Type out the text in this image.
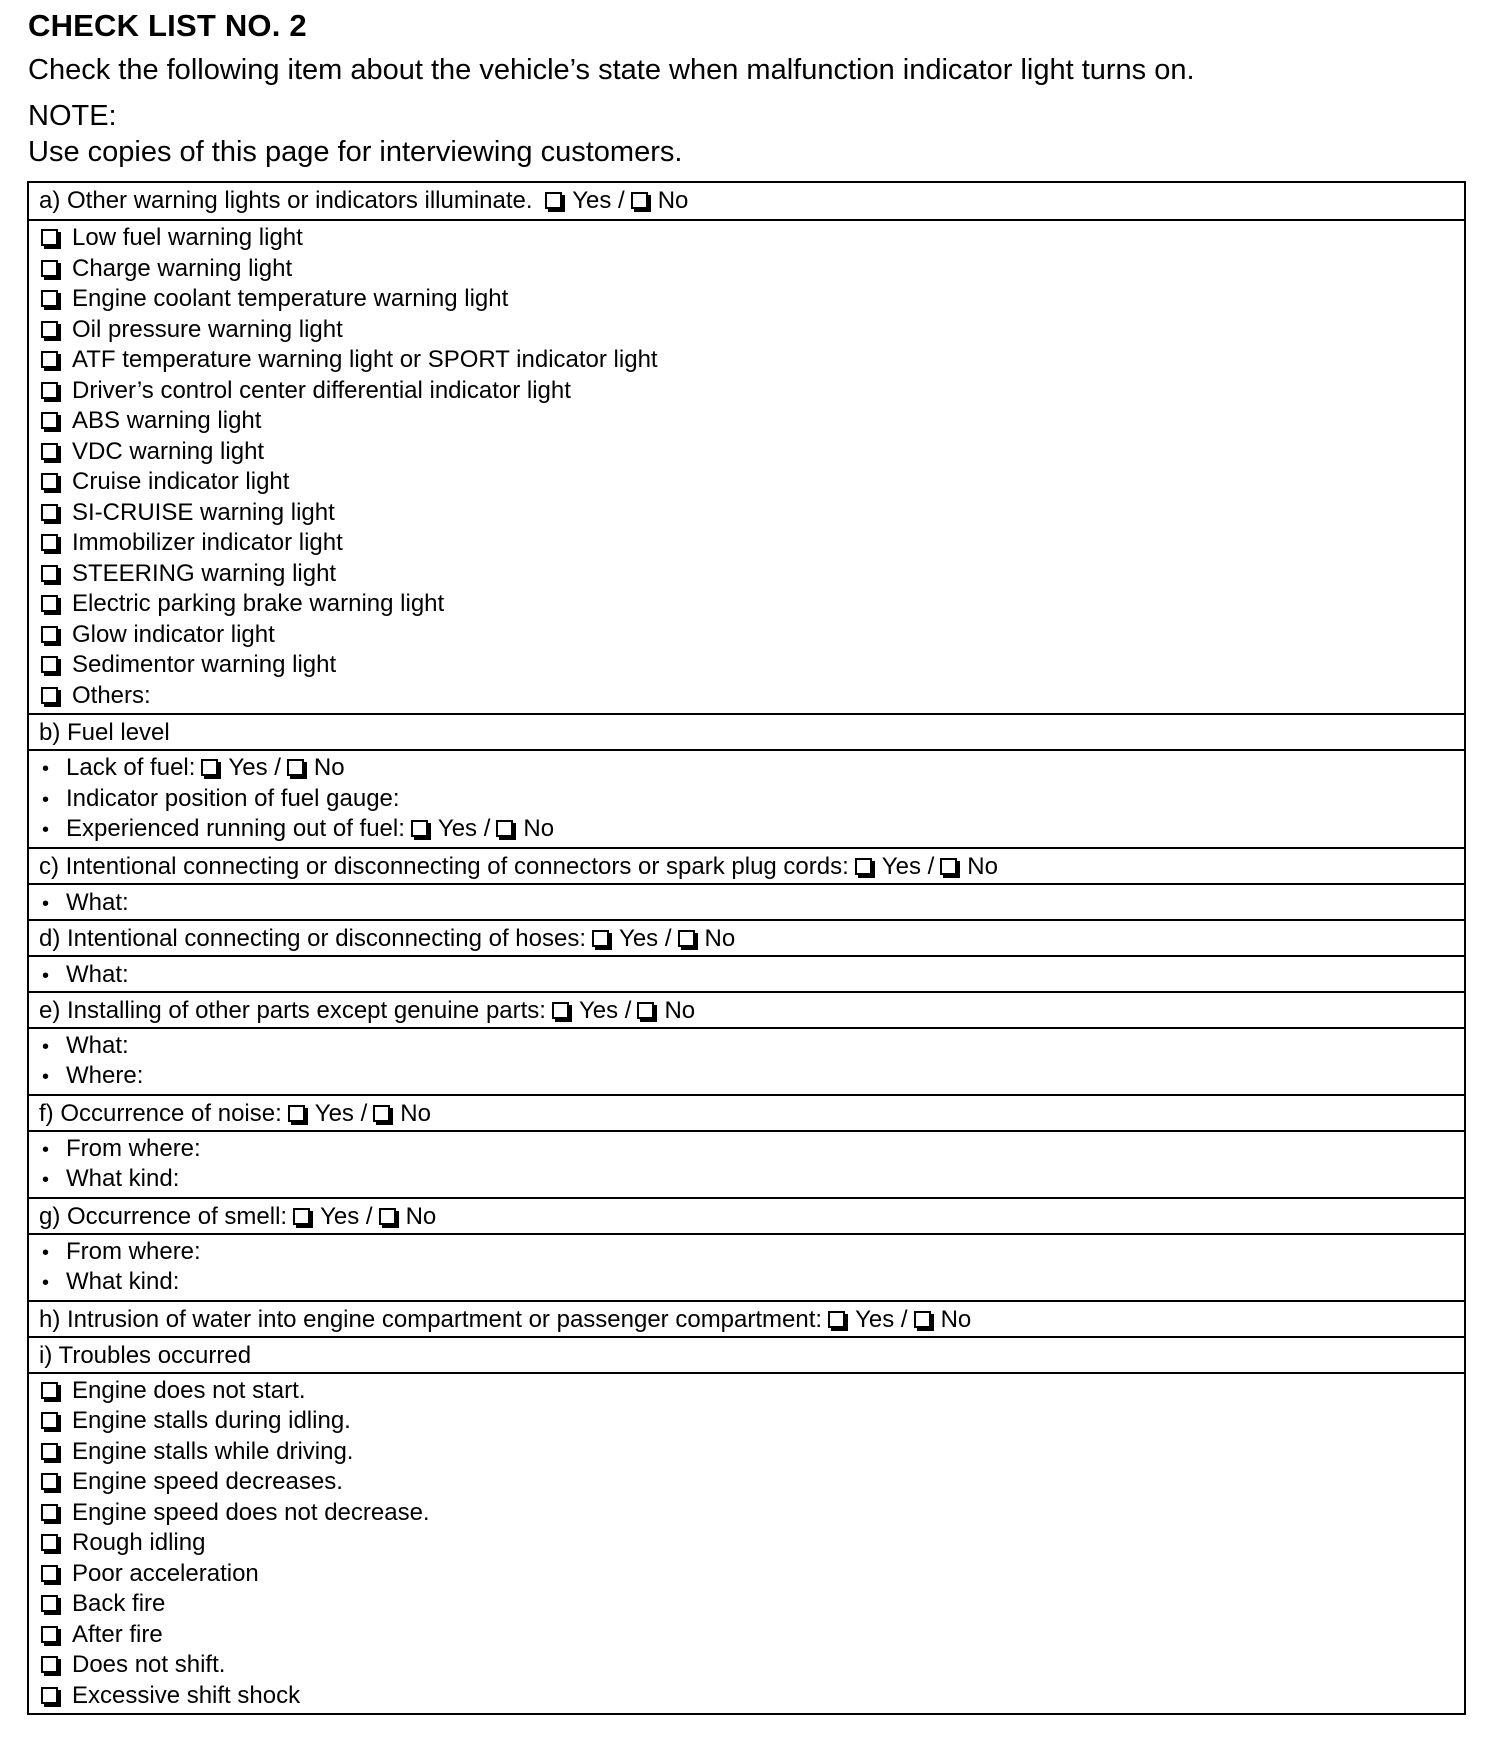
CHECK LIST NO. 2
Check the following item about the vehicle’s state when malfunction indicator light turns on.
NOTE:
Use copies of this page for interviewing customers.
a) Other warning lights or indicators illuminate. Yes / No
Low fuel warning light
Charge warning light
Engine coolant temperature warning light
Oil pressure warning light
ATF temperature warning light or SPORT indicator light
Driver’s control center differential indicator light
ABS warning light
VDC warning light
Cruise indicator light
SI-CRUISE warning light
Immobilizer indicator light
STEERING warning light
Electric parking brake warning light
Glow indicator light
Sedimentor warning light
Others:
b) Fuel level
•Lack of fuel: Yes / No
•Indicator position of fuel gauge:
•Experienced running out of fuel: Yes / No
c) Intentional connecting or disconnecting of connectors or spark plug cords: Yes / No
•What:
d) Intentional connecting or disconnecting of hoses: Yes / No
•What:
e) Installing of other parts except genuine parts: Yes / No
•What:
•Where:
f) Occurrence of noise: Yes / No
•From where:
•What kind:
g) Occurrence of smell: Yes / No
•From where:
•What kind:
h) Intrusion of water into engine compartment or passenger compartment: Yes / No
i) Troubles occurred
Engine does not start.
Engine stalls during idling.
Engine stalls while driving.
Engine speed decreases.
Engine speed does not decrease.
Rough idling
Poor acceleration
Back fire
After fire
Does not shift.
Excessive shift shock
